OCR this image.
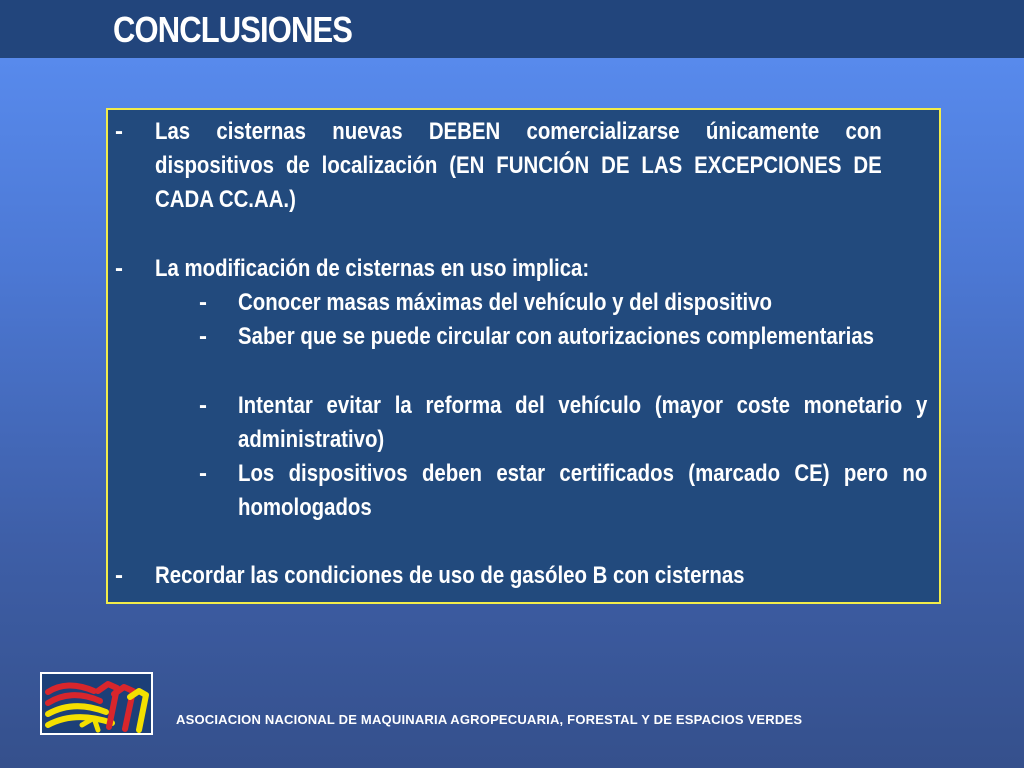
CONCLUSIONES
- Las cisternas nuevas DEBEN comercializarse únicamente con dispositivos de localización (EN FUNCIÓN DE LAS EXCEPCIONES DE CADA CC.AA.)
- La modificación de cisternas en uso implica:
- Conocer masas máximas del vehículo y del dispositivo
- Saber que se puede circular con autorizaciones complementarias
- Intentar evitar la reforma del vehículo (mayor coste monetario y administrativo)
- Los dispositivos deben estar certificados (marcado CE) pero no homologados
- Recordar las condiciones de uso de gasóleo B con cisternas
ASOCIACION NACIONAL DE MAQUINARIA AGROPECUARIA, FORESTAL Y DE ESPACIOS VERDES
